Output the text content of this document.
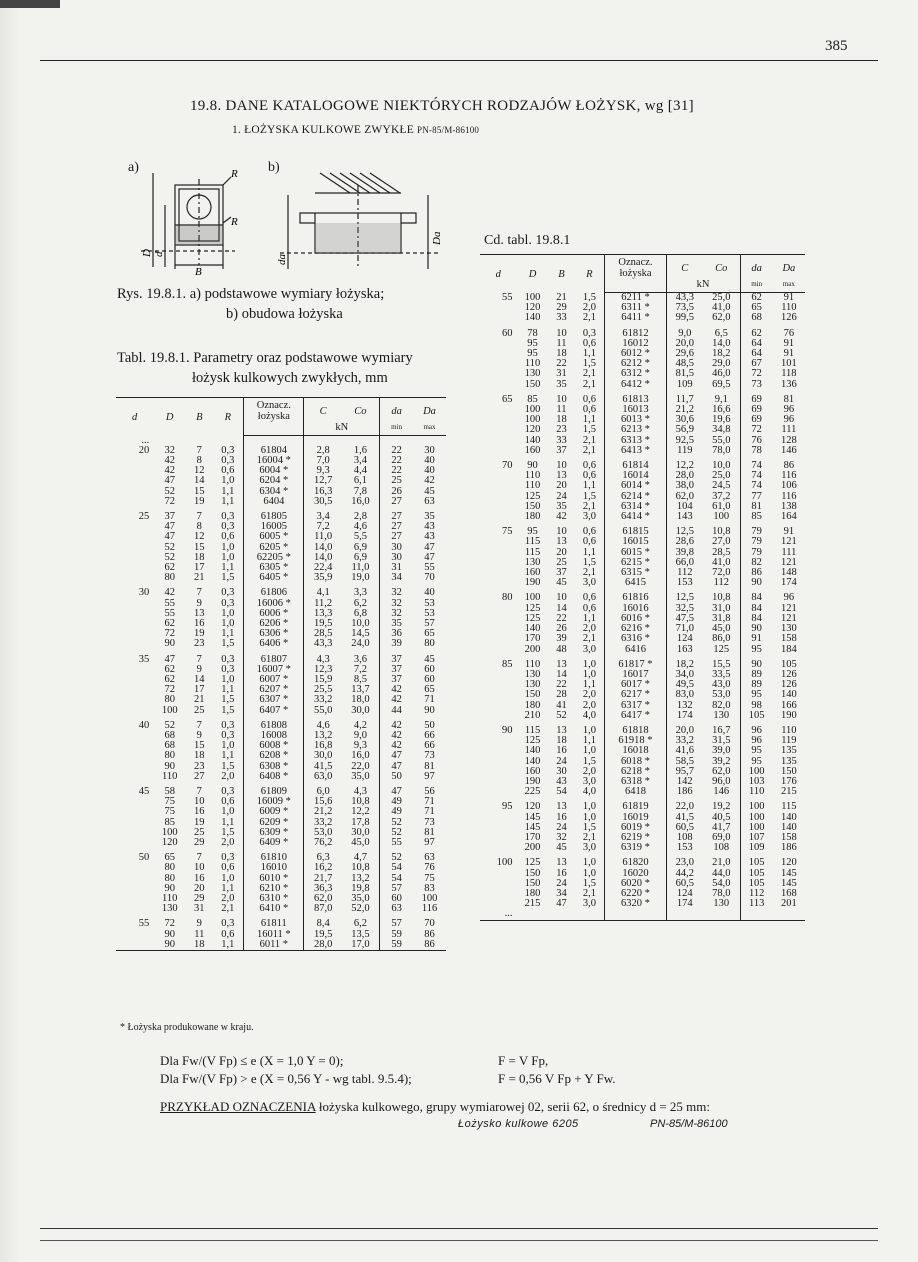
385
19.8. DANE KATALOGOWE NIEKTÓRYCH RODZAJÓW ŁOŻYSK, wg [31]
1. ŁOŻYSKA KULKOWE ZWYKŁE PN-85/M-86100
a)	b)
R
R
B
D d	da
Da
Rys. 19.8.1. a) podstawowe wymiary łożyska;
b) obudowa łożyska
Tabl. 19.8.1. Parametry oraz podstawowe wymiary
łożysk kulkowych zwykłych, mm
Cd. tabl. 19.8.1
d	D	B	R	Oznacz.
łożyska	C	Co	da	Da
					kN		min	max
...								
20	32	7	0,3	61804	2,8	1,6	22	30
	42	8	0,3	16004 *	7,0	3,4	22	40
	42	12	0,6	6004 *	9,3	4,4	22	40
	47	14	1,0	6204 *	12,7	6,1	25	42
	52	15	1,1	6304 *	16,3	7,8	26	45
	72	19	1,1	6404	30,5	16,0	27	63
25	37	7	0,3	61805	3,4	2,8	27	35
	47	8	0,3	16005	7,2	4,6	27	43
	47	12	0,6	6005 *	11,0	5,5	27	43
	52	15	1,0	6205 *	14,0	6,9	30	47
	52	18	1,0	62205 *	14,0	6,9	30	47
	62	17	1,1	6305 *	22,4	11,0	31	55
	80	21	1,5	6405 *	35,9	19,0	34	70
30	42	7	0,3	61806	4,1	3,3	32	40
	55	9	0,3	16006 *	11,2	6,2	32	53
	55	13	1,0	6006 *	13,3	6,8	32	53
	62	16	1,0	6206 *	19,5	10,0	35	57
	72	19	1,1	6306 *	28,5	14,5	36	65
	90	23	1,5	6406 *	43,3	24,0	39	80
35	47	7	0,3	61807	4,3	3,6	37	45
	62	9	0,3	16007 *	12,3	7,2	37	60
	62	14	1,0	6007 *	15,9	8,5	37	60
	72	17	1,1	6207 *	25,5	13,7	42	65
	80	21	1,5	6307 *	33,2	18,0	42	71
	100	25	1,5	6407 *	55,0	30,0	44	90
40	52	7	0,3	61808	4,6	4,2	42	50
	68	9	0,3	16008	13,2	9,0	42	66
	68	15	1,0	6008 *	16,8	9,3	42	66
	80	18	1,1	6208 *	30,0	16,0	47	73
	90	23	1,5	6308 *	41,5	22,0	47	81
	110	27	2,0	6408 *	63,0	35,0	50	97
45	58	7	0,3	61809	6,0	4,3	47	56
	75	10	0,6	16009 *	15,6	10,8	49	71
	75	16	1,0	6009 *	21,2	12,2	49	71
	85	19	1,1	6209 *	33,2	17,8	52	73
	100	25	1,5	6309 *	53,0	30,0	52	81
	120	29	2,0	6409 *	76,2	45,0	55	97
50	65	7	0,3	61810	6,3	4,7	52	63
	80	10	0,6	16010	16,2	10,8	54	76
	80	16	1,0	6010 *	21,7	13,2	54	75
	90	20	1,1	6210 *	36,3	19,8	57	83
	110	29	2,0	6310 *	62,0	35,0	60	100
	130	31	2,1	6410 *	87,0	52,0	63	116
55	72	9	0,3	61811	8,4	6,2	57	70
	90	11	0,6	16011 *	19,5	13,5	59	86
	90	18	1,1	6011 *	28,0	17,0	59	86
d	D	B	R	Oznacz.
łożyska	C	Co	da	Da
					kN		min	max
55	100	21	1,5	6211 *	43,3	25,0	62	91
	120	29	2,0	6311 *	73,5	41,0	65	110
	140	33	2,1	6411 *	99,5	62,0	68	126
60	78	10	0,3	61812	9,0	6,5	62	76
	95	11	0,6	16012	20,0	14,0	64	91
	95	18	1,1	6012 *	29,6	18,2	64	91
	110	22	1,5	6212 *	48,5	29,0	67	101
	130	31	2,1	6312 *	81,5	46,0	72	118
	150	35	2,1	6412 *	109	69,5	73	136
65	85	10	0,6	61813	11,7	9,1	69	81
	100	11	0,6	16013	21,2	16,6	69	96
	100	18	1,1	6013 *	30,6	19,6	69	96
	120	23	1,5	6213 *	56,9	34,8	72	111
	140	33	2,1	6313 *	92,5	55,0	76	128
	160	37	2,1	6413 *	119	78,0	78	146
70	90	10	0,6	61814	12,2	10,0	74	86
	110	13	0,6	16014	28,0	25,0	74	116
	110	20	1,1	6014 *	38,0	24,5	74	106
	125	24	1,5	6214 *	62,0	37,2	77	116
	150	35	2,1	6314 *	104	61,0	81	138
	180	42	3,0	6414 *	143	100	85	164
75	95	10	0,6	61815	12,5	10,8	79	91
	115	13	0,6	16015	28,6	27,0	79	121
	115	20	1,1	6015 *	39,8	28,5	79	111
	130	25	1,5	6215 *	66,0	41,0	82	121
	160	37	2,1	6315 *	112	72,0	86	148
	190	45	3,0	6415	153	112	90	174
80	100	10	0,6	61816	12,5	10,8	84	96
	125	14	0,6	16016	32,5	31,0	84	121
	125	22	1,1	6016 *	47,5	31,8	84	121
	140	26	2,0	6216 *	71,0	45,0	90	130
	170	39	2,1	6316 *	124	86,0	91	158
	200	48	3,0	6416	163	125	95	184
85	110	13	1,0	61817 *	18,2	15,5	90	105
	130	14	1,0	16017	34,0	33,5	89	126
	130	22	1,1	6017 *	49,5	43,0	89	126
	150	28	2,0	6217 *	83,0	53,0	95	140
	180	41	2,0	6317 *	132	82,0	98	166
	210	52	4,0	6417 *	174	130	105	190
90	115	13	1,0	61818	20,0	16,7	96	110
	125	18	1,1	61918 *	33,2	31,5	96	119
	140	16	1,0	16018	41,6	39,0	95	135
	140	24	1,5	6018 *	58,5	39,2	95	135
	160	30	2,0	6218 *	95,7	62,0	100	150
	190	43	3,0	6318 *	142	96,0	103	176
	225	54	4,0	6418	186	146	110	215
95	120	13	1,0	61819	22,0	19,2	100	115
	145	16	1,0	16019	41,5	40,5	100	140
	145	24	1,5	6019 *	60,5	41,7	100	140
	170	32	2,1	6219 *	108	69,0	107	158
	200	45	3,0	6319 *	153	108	109	186
100	125	13	1,0	61820	23,0	21,0	105	120
	150	16	1,0	16020	44,2	44,0	105	145
	150	24	1,5	6020 *	60,5	54,0	105	145
	180	34	2,1	6220 *	124	78,0	112	168
	215	47	3,0	6320 *	174	130	113	201
...								
* Łożyska produkowane w kraju.
Dla Fw/(V Fp) ≤ e (X = 1,0 Y = 0);
Dla Fw/(V Fp) > e (X = 0,56 Y - wg tabl. 9.5.4);
F = V Fp,
F = 0,56 V Fp + Y Fw.
PRZYKŁAD OZNACZENIA łożyska kulkowego, grupy wymiarowej 02, serii 62, o średnicy d = 25 mm:
Łożysko kulkowe 6205	PN-85/M-86100
